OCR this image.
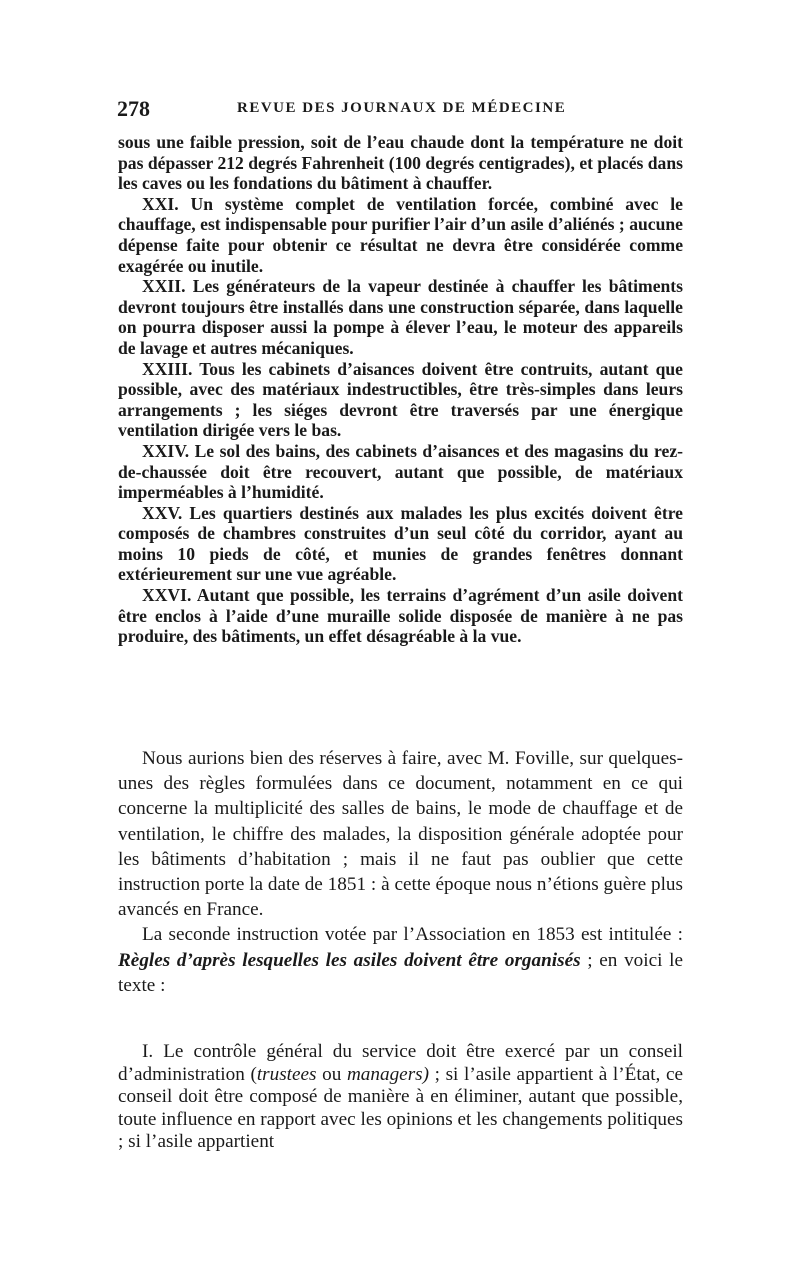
278	REVUE DES JOURNAUX DE MÉDECINE

sous une faible pression, soit de l’eau chaude dont la température ne doit pas dépasser 212 degrés Fahrenheit (100 degrés centigrades), et placés dans les caves ou les fondations du bâtiment à chauffer.

XXI. Un système complet de ventilation forcée, combiné avec le chauffage, est indispensable pour purifier l’air d’un asile d’aliénés ; aucune dépense faite pour obtenir ce résultat ne devra être considérée comme exagérée ou inutile.

XXII. Les générateurs de la vapeur destinée à chauffer les bâtiments devront toujours être installés dans une construction séparée, dans laquelle on pourra disposer aussi la pompe à élever l’eau, le moteur des appareils de lavage et autres mécaniques.

XXIII. Tous les cabinets d’aisances doivent être contruits, autant que possible, avec des matériaux indestructibles, être très-simples dans leurs arrangements ; les siéges devront être traversés par une énergique ventilation dirigée vers le bas.

XXIV. Le sol des bains, des cabinets d’aisances et des magasins du rez-de-chaussée doit être recouvert, autant que possible, de matériaux imperméables à l’humidité.

XXV. Les quartiers destinés aux malades les plus excités doivent être composés de chambres construites d’un seul côté du corridor, ayant au moins 10 pieds de côté, et munies de grandes fenêtres donnant extérieurement sur une vue agréable.

XXVI. Autant que possible, les terrains d’agrément d’un asile doivent être enclos à l’aide d’une muraille solide disposée de manière à ne pas produire, des bâtiments, un effet désagréable à la vue.

Nous aurions bien des réserves à faire, avec M. Foville, sur quelques-unes des règles formulées dans ce document, notamment en ce qui concerne la multiplicité des salles de bains, le mode de chauffage et de ventilation, le chiffre des malades, la disposition générale adoptée pour les bâtiments d’habitation ; mais il ne faut pas oublier que cette instruction porte la date de 1851 : à cette époque nous n’étions guère plus avancés en France.

La seconde instruction votée par l’Association en 1853 est intitulée : Règles d’après lesquelles les asiles doivent être organisés ; en voici le texte :

I. Le contrôle général du service doit être exercé par un conseil d’administration (trustees ou managers) ; si l’asile appartient à l’État, ce conseil doit être composé de manière à en éliminer, autant que possible, toute influence en rapport avec les opinions et les changements politiques ; si l’asile appartient
